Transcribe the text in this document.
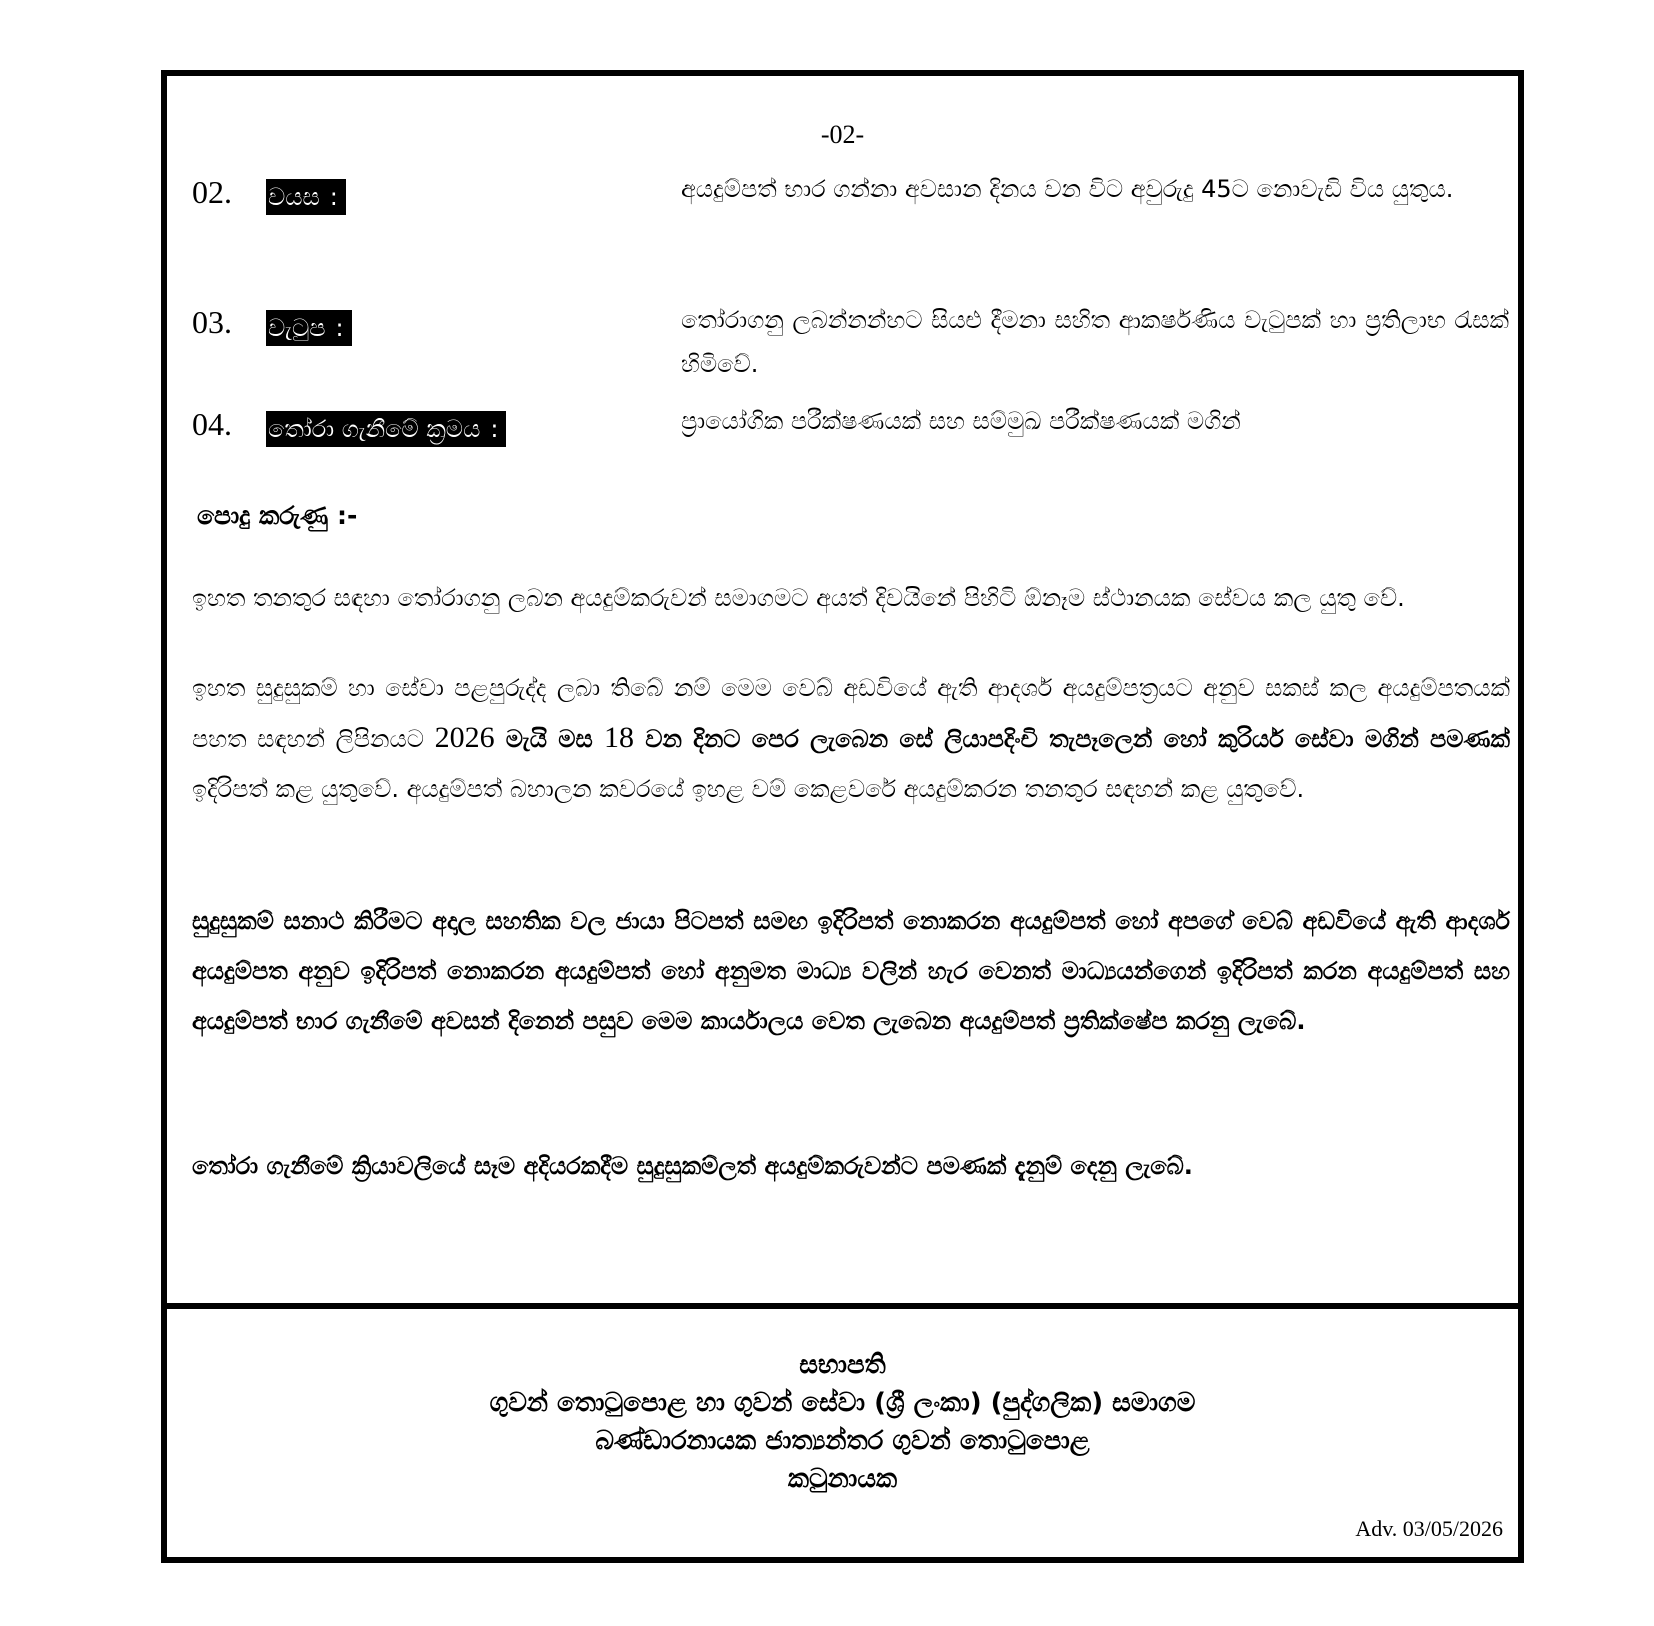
-02-
02. වයස :	අයදුම්පත් භාර ගන්නා අවසාන දිනය වන විට අවුරුදු 45ට නොවැඩි විය යුතුය.
03. වැටුප :	තෝරාගනු ලබන්නන්හට සියළු දීමනා සහිත ආකර්ෂණිය වැටුපක් හා ප්‍රතිලාභ රැසක් හිමිවේ.
04. තෝරා ගැනීමේ ක්‍රමය :	ප්‍රායෝගික පරීක්ෂණයක් සහ සම්මුඛ පරීක්ෂණයක් මගින්
පොදු කරුණු :-
ඉහත තනතුර සඳහා තෝරාගනු ලබන අයදුම්කරුවන් සමාගමට අයත් දිවයිනේ පිහිටි ඕනෑම ස්ථානයක සේවය කල යුතු වේ.
ඉහත සුදුසුකම් හා සේවා පළපුරුද්ද ලබා තිබේ නම් මෙම වෙබ් අඩවියේ ඇති ආදර්ශ අයදුම්පත්‍රයට අනුව සකස් කල අයදුම්පතයක් පහත සඳහන් ලිපිනයට 2026 මැයි මස 18 වන දිනට පෙර ලැබෙන සේ ලියාපදිංචි තැපෑලෙන් හෝ කුරියර් සේවා මගින් පමණක් ඉදිරිපත් කළ යුතුවේ. අයදුම්පත් බහාලන කවරයේ ඉහළ වම් කෙළවරේ අයදුම්කරන තනතුර සඳහන් කළ යුතුවේ.
සුදුසුකම් සනාථ කිරීමට අදාල සහතික වල ජායා පිටපත් සමඟ ඉදිරිපත් නොකරන අයදුම්පත් හෝ අපගේ වෙබ් අඩවියේ ඇති ආදර්ශ අයදුම්පත අනුව ඉදිරිපත් නොකරන අයදුම්පත් හෝ අනුමත මාධ්‍ය වලින් හැර වෙනත් මාධ්‍යයන්ගෙන් ඉදිරිපත් කරන අයදුම්පත් සහ අයදුම්පත් භාර ගැනීමේ අවසන් දිනෙන් පසුව මෙම කාර්යාලය වෙත ලැබෙන අයදුම්පත් ප්‍රතික්ෂේප කරනු ලැබේ.
තෝරා ගැනීමේ ක්‍රියාවලියේ සෑම අදියරකදීම සුදුසුකම්ලත් අයදුම්කරුවන්ට පමණක් දැනුම් දෙනු ලැබේ.
සභාපති
ගුවන් තොටුපොළ හා ගුවන් සේවා (ශ්‍රී ලංකා) (පුද්ගලික) සමාගම
බණ්ඩාරනායක ජාත්‍යන්තර ගුවන් තොටුපොළ
කටුනායක
Adv. 03/05/2026
